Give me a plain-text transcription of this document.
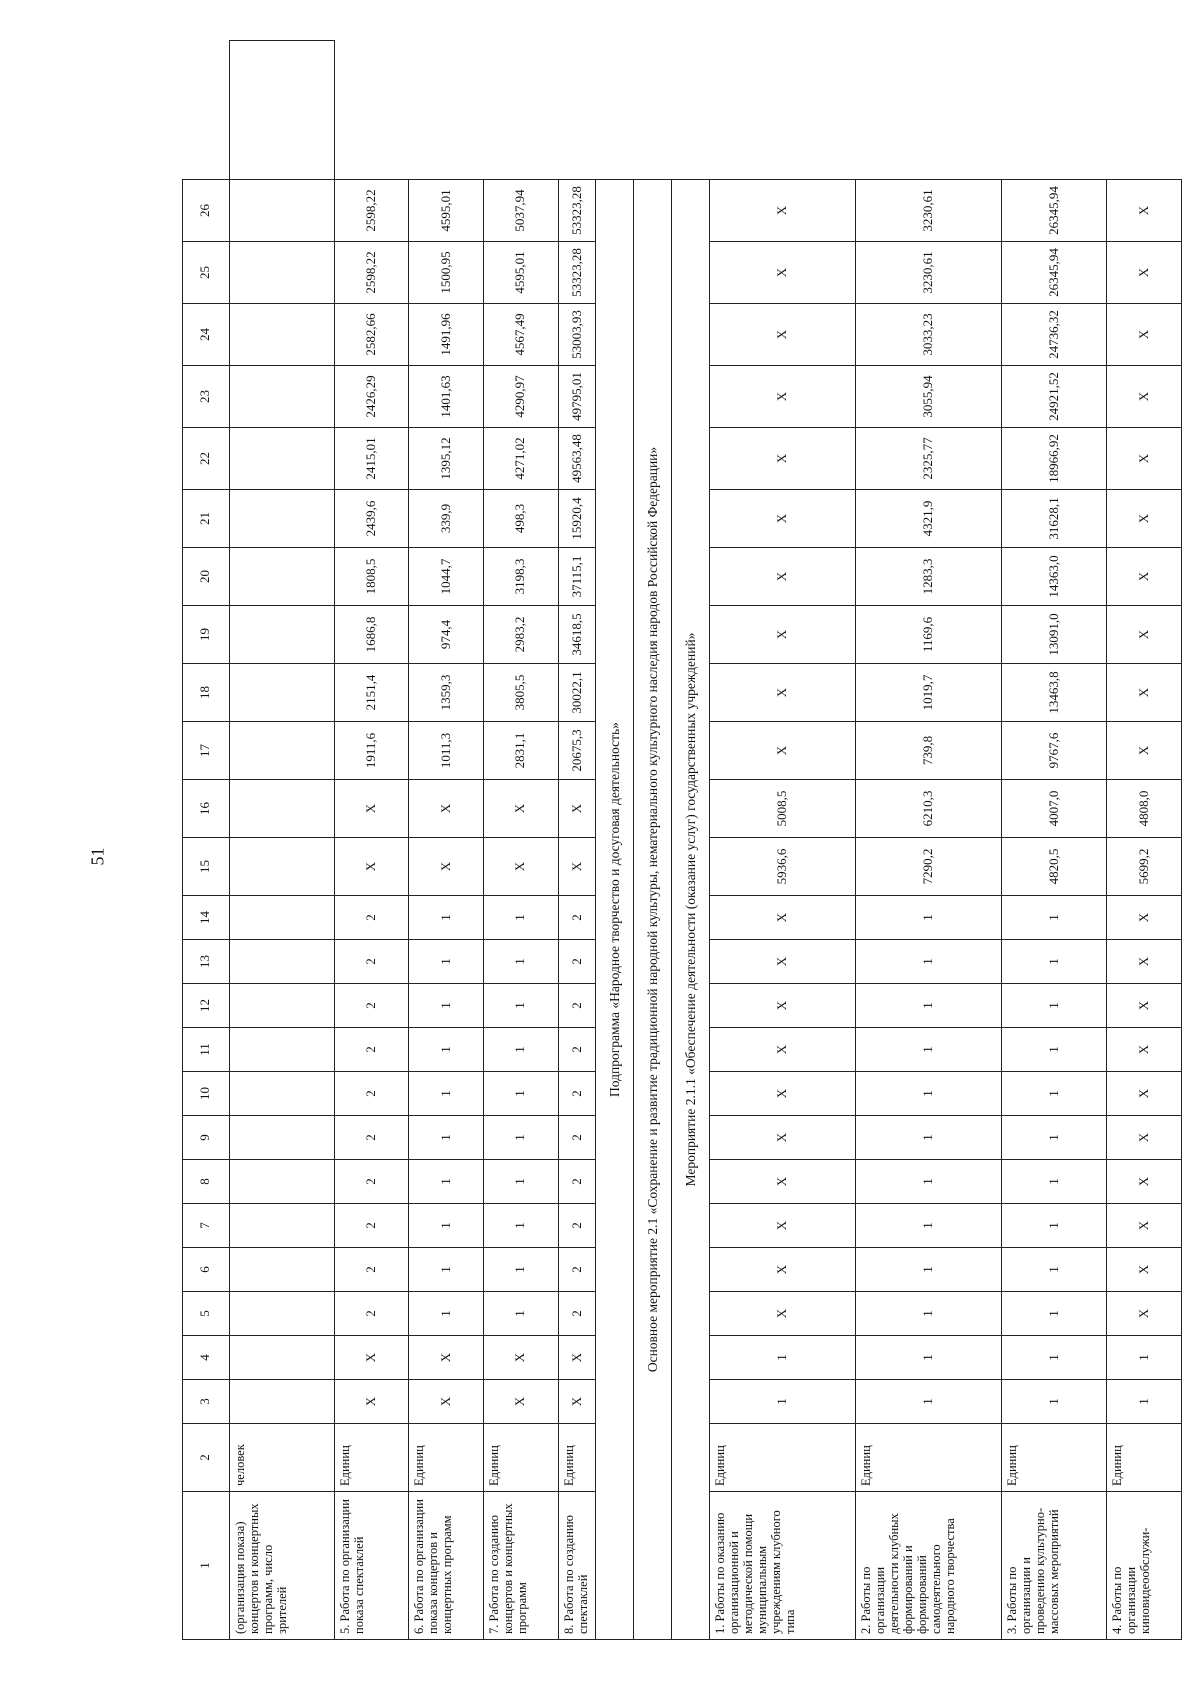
51
1	2	3	4	5	6	7	8	9	10	11	12	13	14	15	16	17	18	19	20	21	22	23	24	25	26	
(организация показа) концертов и концертных программ, число зрителей	человек																									
5. Работа по организации показа спектаклей	Единиц	X	X	2	2	2	2	2	2	2	2	2	2	X	X	1911,6	2151,4	1686,8	1808,5	2439,6	2415,01	2426,29	2582,66	2598,22	2598,22	
6. Работа по организации показа концертов и концертных программ	Единиц	X	X	1	1	1	1	1	1	1	1	1	1	X	X	1011,3	1359,3	974,4	1044,7	339,9	1395,12	1401,63	1491,96	1500,95	4595,01	
7. Работа по созданию концертов и концертных программ	Единиц	X	X	1	1	1	1	1	1	1	1	1	1	X	X	2831,1	3805,5	2983,2	3198,3	498,3	4271,02	4290,97	4567,49	4595,01	5037,94	
8. Работа по созданию спектаклей	Единиц	X	X	2	2	2	2	2	2	2	2	2	2	X	X	20675,3	30022,1	34618,5	37115,1	15920,4	49563,48	49795,01	53003,93	53323,28	53323,28	
Подпрограмма «Народное творчество и досуговая деятельность»																										
Основное мероприятие 2.1 «Сохранение и развитие традиционной народной культуры, нематериального культурного наследия народов Российской Федерации»																										
Мероприятие 2.1.1 «Обеспечение деятельности (оказание услуг) государственных учреждений»																										
1. Работы по оказанию организационной и методической помощи муниципальным учреждениям клубного типа	Единиц	1	1	X	X	X	X	X	X	X	X	X	X	5936,6	5008,5	X	X	X	X	X	X	X	X	X	X	
2. Работы по организации деятельности клубных формирований и формирований самодеятельного народного творчества	Единиц	1	1	1	1	1	1	1	1	1	1	1	1	7290,2	6210,3	739,8	1019,7	1169,6	1283,3	4321,9	2325,77	3055,94	3033,23	3230,61	3230,61	
3. Работы по организации и проведению культурно-массовых мероприятий	Единиц	1	1	1	1	1	1	1	1	1	1	1	1	4820,5	4007,0	9767,6	13463,8	13091,0	14363,0	31628,1	18966,92	24921,52	24736,32	26345,94	26345,94	
4. Работы по организации киновидеообслужи-	Единиц	1	1	X	X	X	X	X	X	X	X	X	X	5699,2	4808,0	X	X	X	X	X	X	X	X	X	X	
